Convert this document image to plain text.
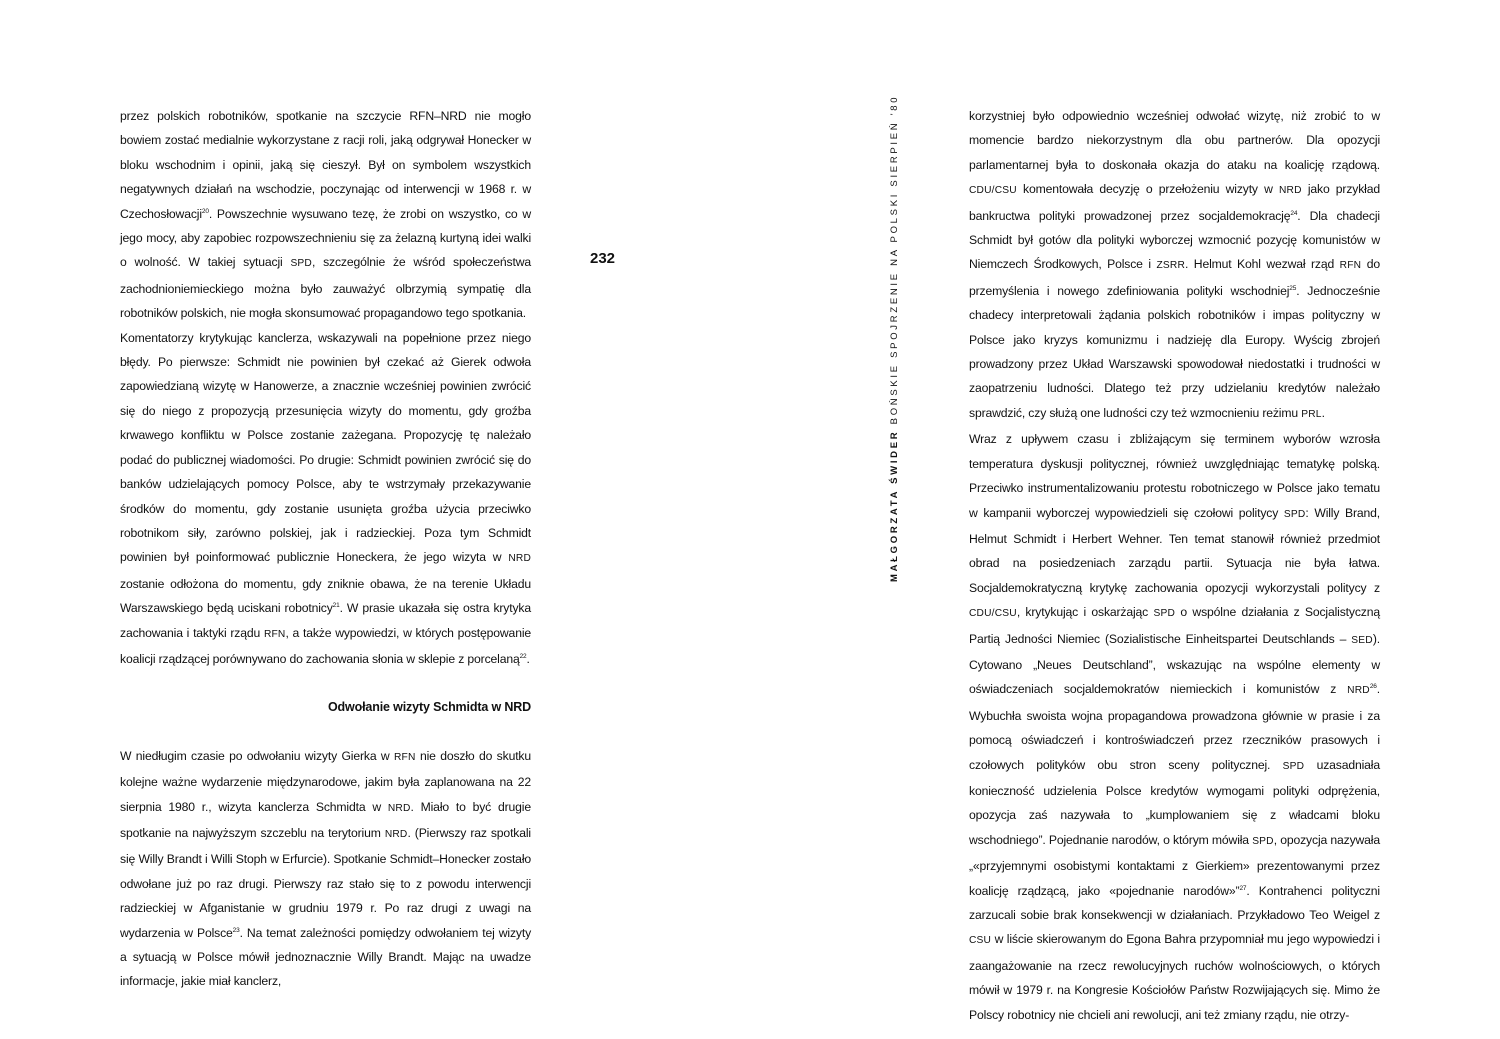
przez polskich robotników, spotkanie na szczycie RFN–NRD nie mogło bowiem zostać medialnie wykorzystane z racji roli, jaką odgrywał Honecker w bloku wschodnim i opinii, jaką się cieszył. Był on symbolem wszystkich negatywnych działań na wschodzie, poczynając od interwencji w 1968 r. w Czechosłowacji$^{20}$. Powszechnie wysuwano tezę, że zrobi on wszystko, co w jego mocy, aby zapobiec rozpowszechnieniu się za żelazną kurtyną idei walki o wolność. W takiej sytuacji SPD, szczególnie że wśród społeczeństwa zachodnioniemieckiego można było zauważyć olbrzymią sympatię dla robotników polskich, nie mogła skonsumować propagandowo tego spotkania.

Komentatorzy krytykując kanclerza, wskazywali na popełnione przez niego błędy. Po pierwsze: Schmidt nie powinien był czekać aż Gierek odwoła zapowiedzianą wizytę w Hanowerze, a znacznie wcześniej powinien zwrócić się do niego z propozycją przesunięcia wizyty do momentu, gdy groźba krwawego konfliktu w Polsce zostanie zażegana. Propozycję tę należało podać do publicznej wiadomości. Po drugie: Schmidt powinien zwrócić się do banków udzielających pomocy Polsce, aby te wstrzymały przekazywanie środków do momentu, gdy zostanie usunięta groźba użycia przeciwko robotnikom siły, zarówno polskiej, jak i radzieckiej. Poza tym Schmidt powinien był poinformować publicznie Honeckera, że jego wizyta w NRD zostanie odłożona do momentu, gdy zniknie obawa, że na terenie Układu Warszawskiego będą uciskani robotnicy$^{21}$. W prasie ukazała się ostra krytyka zachowania i taktyki rządu RFN, a także wypowiedzi, w których postępowanie koalicji rządzącej porównywano do zachowania słonia w sklepie z porcelaną$^{22}$.

Odwołanie wizyty Schmidta w NRD

W niedługim czasie po odwołaniu wizyty Gierka w RFN nie doszło do skutku kolejne ważne wydarzenie międzynarodowe, jakim była zaplanowana na 22 sierpnia 1980 r., wizyta kanclerza Schmidta w NRD. Miało to być drugie spotkanie na najwyższym szczeblu na terytorium NRD. (Pierwszy raz spotkali się Willy Brandt i Willi Stoph w Erfurcie). Spotkanie Schmidt–Honecker zostało odwołane już po raz drugi. Pierwszy raz stało się to z powodu interwencji radzieckiej w Afganistanie w grudniu 1979 r. Po raz drugi z uwagi na wydarzenia w Polsce$^{23}$. Na temat zależności pomiędzy odwołaniem tej wizyty a sytuacją w Polsce mówił jednoznacznie Willy Brandt. Mając na uwadze informacje, jakie miał kanclerz,

232
MAŁGORZATA ŚWIDER BOŃSKIE SPOJRZENIE NA POLSKI SIERPIEŃ '80	korzystniej było odpowiednio wcześniej odwołać wizytę, niż zrobić to w momencie bardzo niekorzystnym dla obu partnerów. Dla opozycji parlamentarnej była to doskonała okazja do ataku na koalicję rządową. CDU/CSU komentowała decyzję o przełożeniu wizyty w NRD jako przykład bankructwa polityki prowadzonej przez socjaldemokrację$^{24}$. Dla chadecji Schmidt był gotów dla polityki wyborczej wzmocnić pozycję komunistów w Niemczech Środkowych, Polsce i ZSRR. Helmut Kohl wezwał rząd RFN do przemyślenia i nowego zdefiniowania polityki wschodniej$^{25}$. Jednocześnie chadecy interpretowali żądania polskich robotników i impas polityczny w Polsce jako kryzys komunizmu i nadzieję dla Europy. Wyścig zbrojeń prowadzony przez Układ Warszawski spowodował niedostatki i trudności w zaopatrzeniu ludności. Dlatego też przy udzielaniu kredytów należało sprawdzić, czy służą one ludności czy też wzmocnieniu reżimu PRL.

Wraz z upływem czasu i zbliżającym się terminem wyborów wzrosła temperatura dyskusji politycznej, również uwzględniając tematykę polską. Przeciwko instrumentalizowaniu protestu robotniczego w Polsce jako tematu w kampanii wyborczej wypowiedzieli się czołowi politycy SPD: Willy Brand, Helmut Schmidt i Herbert Wehner. Ten temat stanowił również przedmiot obrad na posiedzeniach zarządu partii. Sytuacja nie była łatwa. Socjaldemokratyczną krytykę zachowania opozycji wykorzystali politycy z CDU/CSU, krytykując i oskarżając SPD o wspólne działania z Socjalistyczną Partią Jedności Niemiec (Sozialistische Einheitspartei Deutschlands – SED). Cytowano „Neues Deutschland”, wskazując na wspólne elementy w oświadczeniach socjaldemokratów niemieckich i komunistów z NRD$^{26}$. Wybuchła swoista wojna propagandowa prowadzona głównie w prasie i za pomocą oświadczeń i kontroświadczeń przez rzeczników prasowych i czołowych polityków obu stron sceny politycznej. SPD uzasadniała konieczność udzielenia Polsce kredytów wymogami polityki odprężenia, opozycja zaś nazywała to „kumplowaniem się z władcami bloku wschodniego”. Pojednanie narodów, o którym mówiła SPD, opozycja nazywała „«przyjemnymi osobistymi kontaktami z Gierkiem» prezentowanymi przez koalicję rządzącą, jako «pojednanie narodów»”$^{27}$. Kontrahenci polityczni zarzucali sobie brak konsekwencji w działaniach. Przykładowo Teo Weigel z CSU w liście skierowanym do Egona Bahra przypomniał mu jego wypowiedzi i zaangażowanie na rzecz rewolucyjnych ruchów wolnościowych, o których mówił w 1979 r. na Kongresie Kościołów Państw Rozwijających się. Mimo że Polscy robotnicy nie chcieli ani rewolucji, ani też zmiany rządu, nie otrzy-
